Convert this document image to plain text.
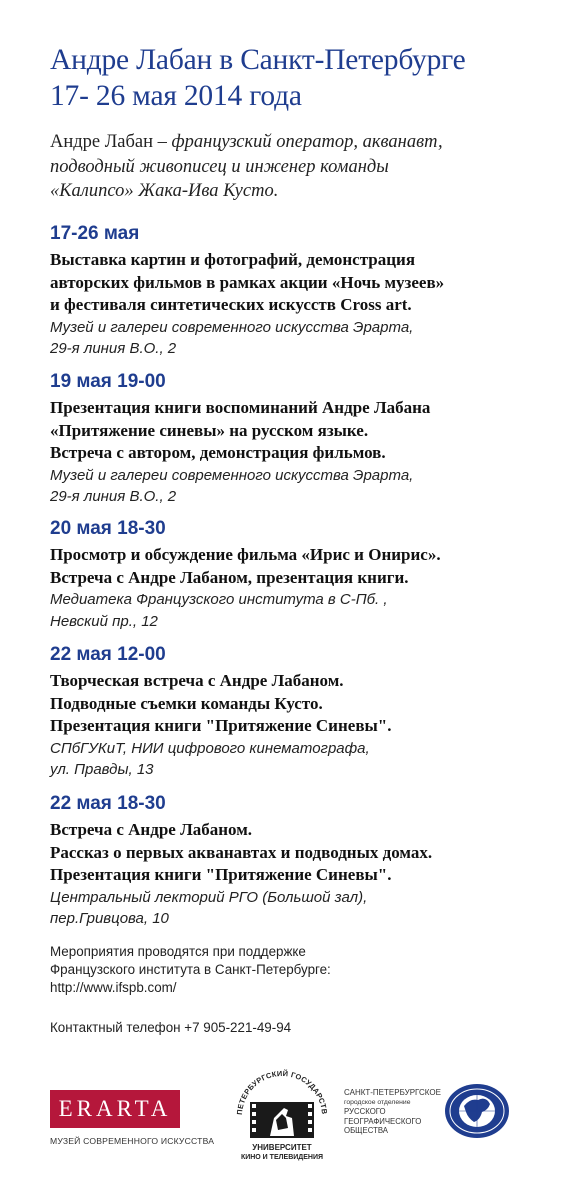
Андре Лабан в Санкт-Петербурге
17- 26 мая 2014 года
Андре Лабан – французский оператор, акванавт,
подводный живописец и инженер команды
«Калипсо» Жака-Ива Кусто.
17-26 мая
Выставка картин и фотографий, демонстрация
авторских фильмов в рамках акции «Ночь музеев»
и фестиваля синтетических искусств Cross art.
Музей и галереи современного искусства Эрарта,
29-я линия В.О., 2
19 мая 19-00
Презентация книги воспоминаний Андре Лабана
«Притяжение синевы» на русском языке.
Встреча с автором, демонстрация фильмов.
Музей и галереи современного искусства Эрарта,
29-я линия В.О., 2
20 мая 18-30
Просмотр и обсуждение фильма «Ирис и Онирис».
Встреча с Андре Лабаном, презентация книги.
Медиатека Французского института в С-Пб. ,
Невский пр., 12
22 мая 12-00
Творческая встреча с Андре Лабаном.
Подводные съемки команды Кусто.
Презентация книги "Притяжение Синевы".
СПбГУКиТ, НИИ цифрового кинематографа,
ул. Правды, 13
22 мая 18-30
Встреча с Андре Лабаном.
Рассказ о первых акванавтах и подводных домах.
Презентация книги "Притяжение Синевы".
Центральный лекторий РГО (Большой зал),
пер.Гривцова, 10
Мероприятия проводятся при поддержке
Французского института в Санкт-Петербурге:
http://www.ifspb.com/
Контактный телефон +7 905-221-49-94
ERARTA
МУЗЕЙ СОВРЕМЕННОГО ИСКУССТВА
ПЕТЕРБУРГСКИЙ ГОСУДАРСТВ
УНИВЕРСИТЕТ
КИНО И ТЕЛЕВИДЕНИЯ
САНКТ-ПЕТЕРБУРГСКОЕ
городское отделение
РУССКОГО
ГЕОГРАФИЧЕСКОГО
ОБЩЕСТВА
